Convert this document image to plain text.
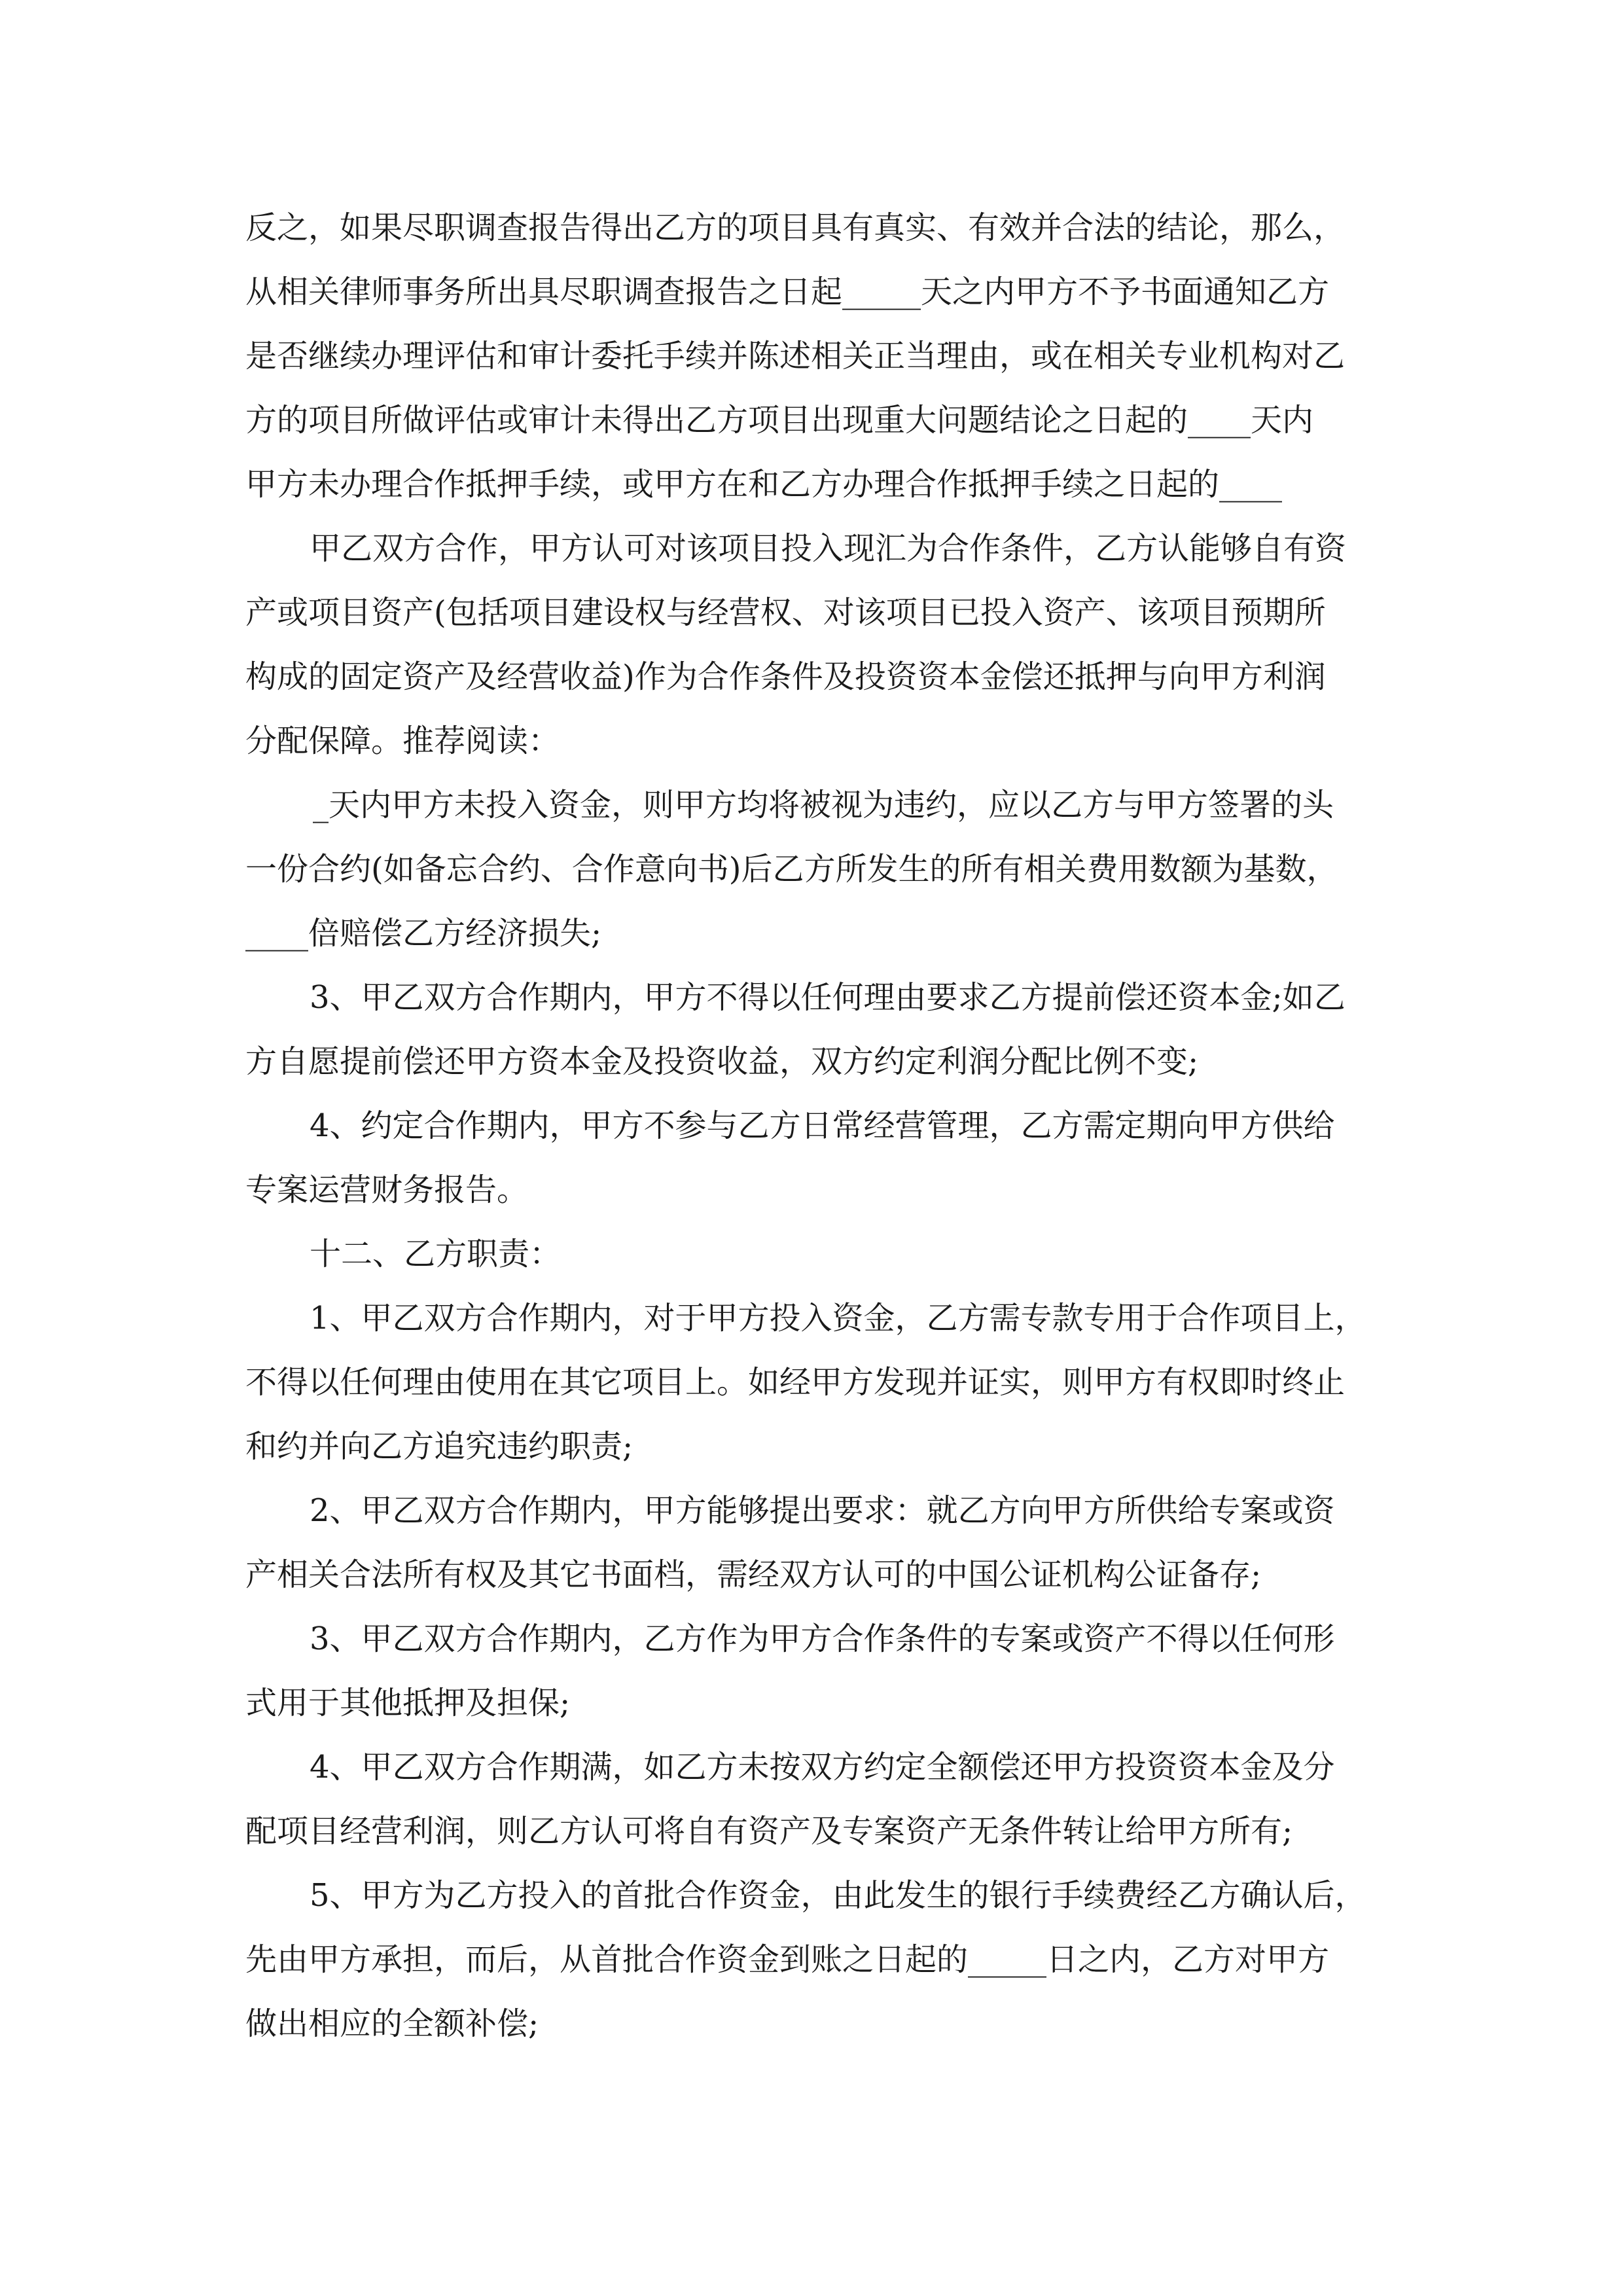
反之，如果尽职调查报告得出乙方的项目具有真实、有效并合法的结论，那么，
从相关律师事务所出具尽职调查报告之日起_____天之内甲方不予书面通知乙方
是否继续办理评估和审计委托手续并陈述相关正当理由，或在相关专业机构对乙
方的项目所做评估或审计未得出乙方项目出现重大问题结论之日起的____天内
甲方未办理合作抵押手续，或甲方在和乙方办理合作抵押手续之日起的____
甲乙双方合作，甲方认可对该项目投入现汇为合作条件，乙方认能够自有资
产或项目资产(包括项目建设权与经营权、对该项目已投入资产、该项目预期所
构成的固定资产及经营收益)作为合作条件及投资资本金偿还抵押与向甲方利润
分配保障。推荐阅读：
_天内甲方未投入资金，则甲方均将被视为违约，应以乙方与甲方签署的头
一份合约(如备忘合约、合作意向书)后乙方所发生的所有相关费用数额为基数，
____倍赔偿乙方经济损失;
3、甲乙双方合作期内，甲方不得以任何理由要求乙方提前偿还资本金;如乙
方自愿提前偿还甲方资本金及投资收益，双方约定利润分配比例不变;
4、约定合作期内，甲方不参与乙方日常经营管理，乙方需定期向甲方供给
专案运营财务报告。
十二、乙方职责：
1、甲乙双方合作期内，对于甲方投入资金，乙方需专款专用于合作项目上，
不得以任何理由使用在其它项目上。如经甲方发现并证实，则甲方有权即时终止
和约并向乙方追究违约职责;
2、甲乙双方合作期内，甲方能够提出要求：就乙方向甲方所供给专案或资
产相关合法所有权及其它书面档，需经双方认可的中国公证机构公证备存;
3、甲乙双方合作期内，乙方作为甲方合作条件的专案或资产不得以任何形
式用于其他抵押及担保;
4、甲乙双方合作期满，如乙方未按双方约定全额偿还甲方投资资本金及分
配项目经营利润，则乙方认可将自有资产及专案资产无条件转让给甲方所有;
5、甲方为乙方投入的首批合作资金，由此发生的银行手续费经乙方确认后，
先由甲方承担，而后，从首批合作资金到账之日起的_____日之内，乙方对甲方
做出相应的全额补偿;
